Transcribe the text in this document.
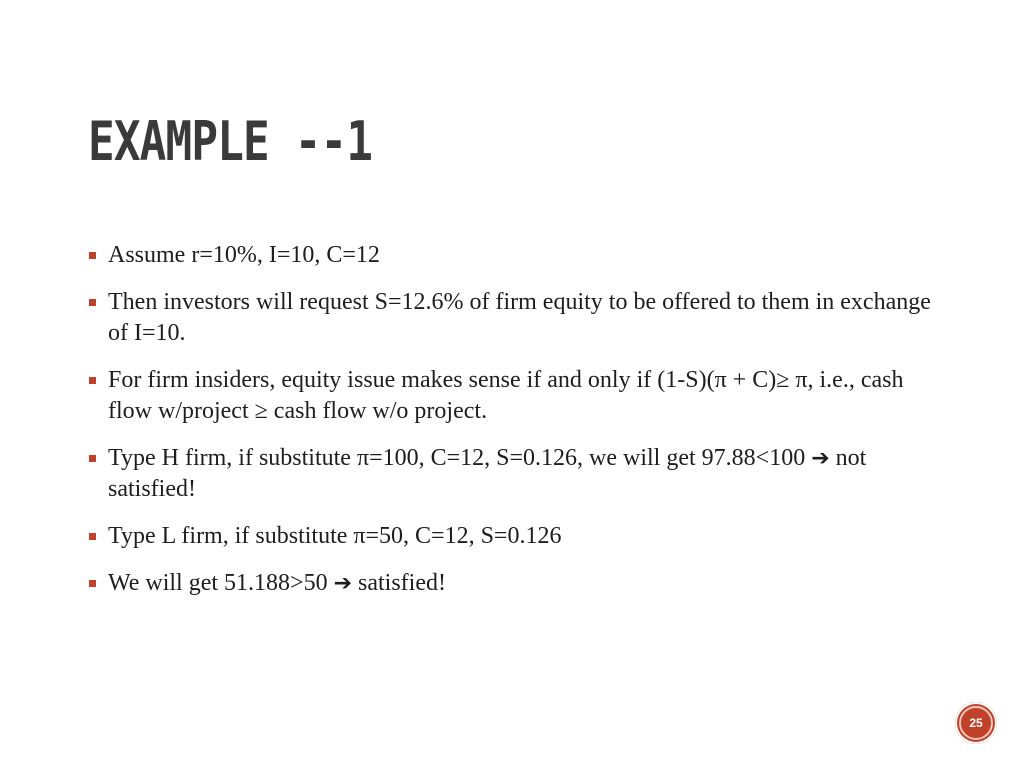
EXAMPLE --1
Assume r=10%, I=10, C=12
Then investors will request S=12.6% of firm equity to be offered to them in exchange of I=10.
For firm insiders, equity issue makes sense if and only if (1-S)(π + C)≥ π, i.e., cash flow w/project ≥ cash flow w/o project.
Type H firm, if substitute π=100, C=12, S=0.126, we will get 97.88<100 ➔ not satisfied!
Type L firm, if substitute π=50, C=12, S=0.126
We will get 51.188>50 ➔ satisfied!
25
